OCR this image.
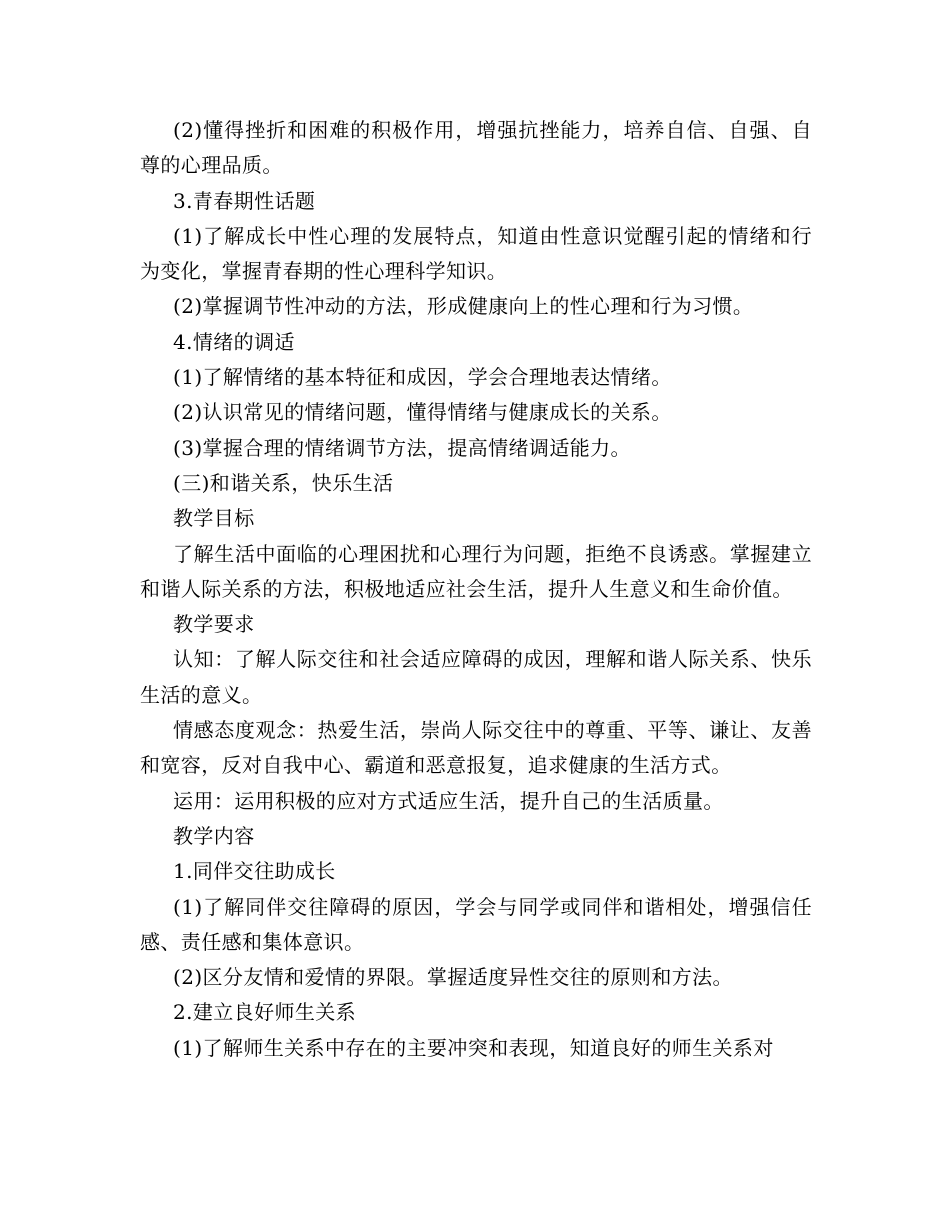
(2)懂得挫折和困难的积极作用，增强抗挫能力，培养自信、自强、自尊的心理品质。

3.青春期性话题

(1)了解成长中性心理的发展特点，知道由性意识觉醒引起的情绪和行为变化，掌握青春期的性心理科学知识。

(2)掌握调节性冲动的方法，形成健康向上的性心理和行为习惯。

4.情绪的调适

(1)了解情绪的基本特征和成因，学会合理地表达情绪。

(2)认识常见的情绪问题，懂得情绪与健康成长的关系。

(3)掌握合理的情绪调节方法，提高情绪调适能力。

(三)和谐关系，快乐生活

教学目标

了解生活中面临的心理困扰和心理行为问题，拒绝不良诱惑。掌握建立和谐人际关系的方法，积极地适应社会生活，提升人生意义和生命价值。

教学要求

认知：了解人际交往和社会适应障碍的成因，理解和谐人际关系、快乐生活的意义。

情感态度观念：热爱生活，崇尚人际交往中的尊重、平等、谦让、友善和宽容，反对自我中心、霸道和恶意报复，追求健康的生活方式。

运用：运用积极的应对方式适应生活，提升自己的生活质量。

教学内容

1.同伴交往助成长

(1)了解同伴交往障碍的原因，学会与同学或同伴和谐相处，增强信任感、责任感和集体意识。

(2)区分友情和爱情的界限。掌握适度异性交往的原则和方法。

2.建立良好师生关系

(1)了解师生关系中存在的主要冲突和表现，知道良好的师生关系对
